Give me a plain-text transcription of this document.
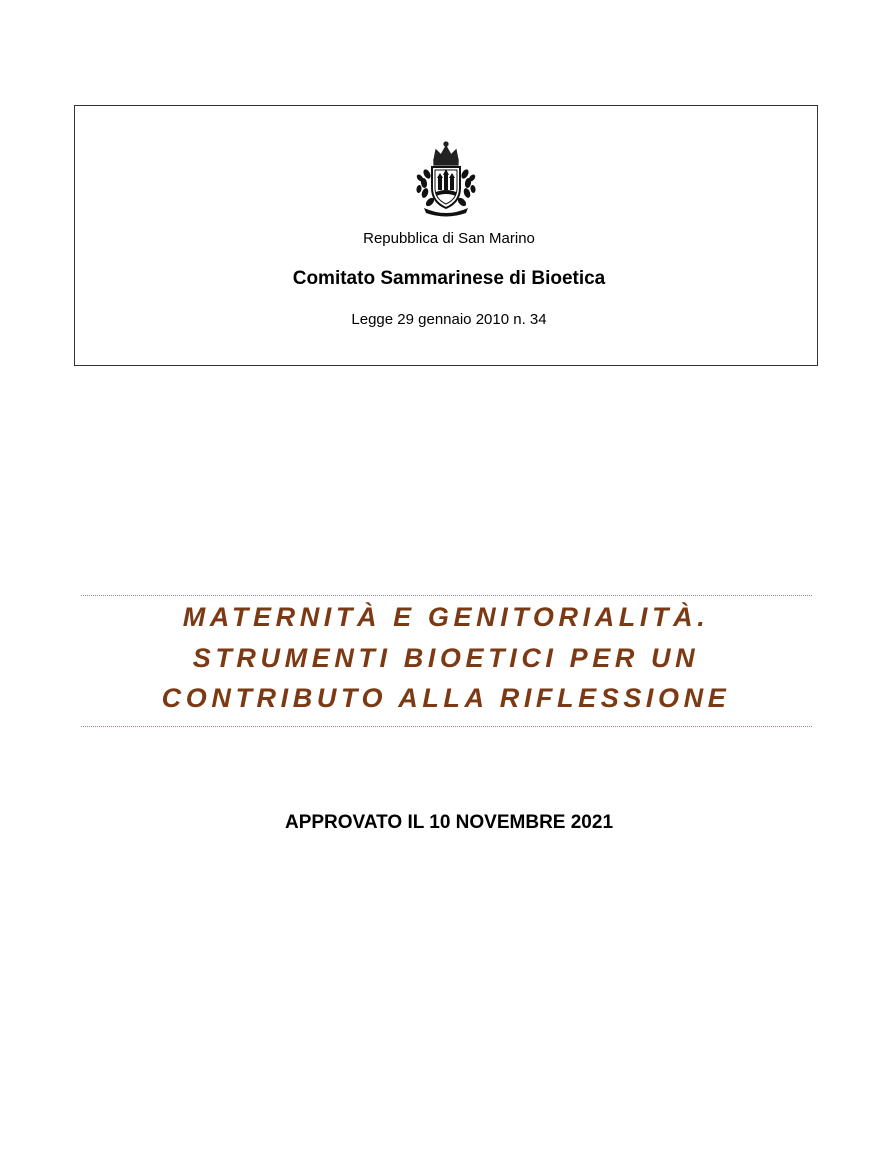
Repubblica di San Marino
Comitato Sammarinese di Bioetica
Legge 29 gennaio 2010 n. 34
MATERNITÀ E GENITORIALITÀ.
STRUMENTI BIOETICI PER UN
CONTRIBUTO ALLA RIFLESSIONE
APPROVATO IL 10 NOVEMBRE 2021
